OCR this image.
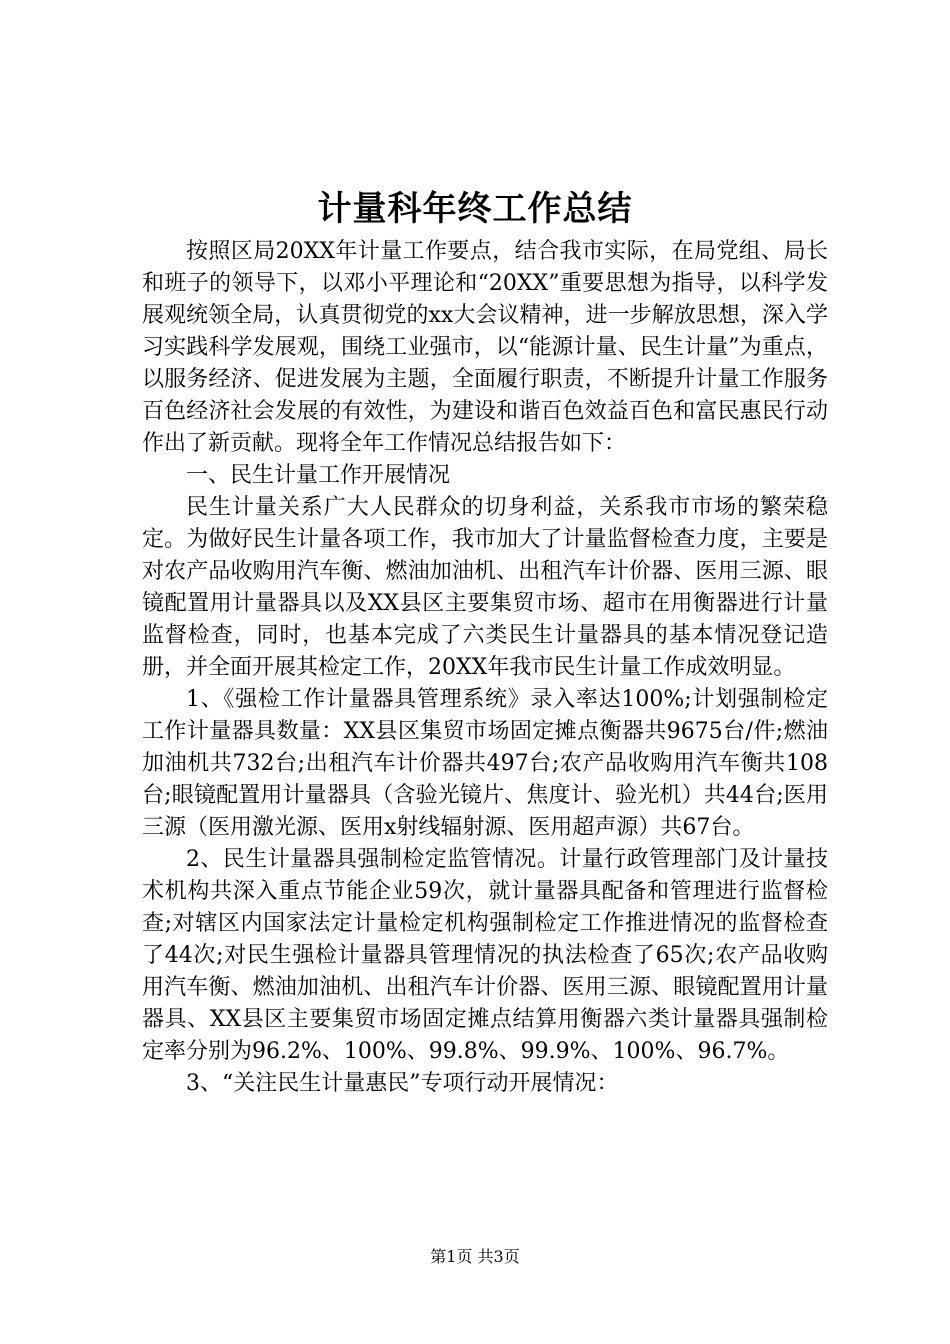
计量科年终工作总结

按照区局20XX年计量工作要点，结合我市实际，在局党组、局长和班子的领导下，以邓小平理论和“20XX”重要思想为指导，以科学发展观统领全局，认真贯彻党的xx大会议精神，进一步解放思想，深入学习实践科学发展观，围绕工业强市，以“能源计量、民生计量”为重点，以服务经济、促进发展为主题，全面履行职责，不断提升计量工作服务百色经济社会发展的有效性，为建设和谐百色效益百色和富民惠民行动作出了新贡献。现将全年工作情况总结报告如下：

一、民生计量工作开展情况

民生计量关系广大人民群众的切身利益，关系我市市场的繁荣稳定。为做好民生计量各项工作，我市加大了计量监督检查力度，主要是对农产品收购用汽车衡、燃油加油机、出租汽车计价器、医用三源、眼镜配置用计量器具以及XX县区主要集贸市场、超市在用衡器进行计量监督检查，同时，也基本完成了六类民生计量器具的基本情况登记造册，并全面开展其检定工作，20XX年我市民生计量工作成效明显。

1、《强检工作计量器具管理系统》录入率达100%;计划强制检定工作计量器具数量：XX县区集贸市场固定摊点衡器共9675台/件;燃油加油机共732台;出租汽车计价器共497台;农产品收购用汽车衡共108台;眼镜配置用计量器具（含验光镜片、焦度计、验光机）共44台;医用三源（医用激光源、医用x射线辐射源、医用超声源）共67台。

2、民生计量器具强制检定监管情况。计量行政管理部门及计量技术机构共深入重点节能企业59次，就计量器具配备和管理进行监督检查;对辖区内国家法定计量检定机构强制检定工作推进情况的监督检查了44次;对民生强检计量器具管理情况的执法检查了65次;农产品收购用汽车衡、燃油加油机、出租汽车计价器、医用三源、眼镜配置用计量器具、XX县区主要集贸市场固定摊点结算用衡器六类计量器具强制检定率分别为96.2%、100%、99.8%、99.9%、100%、96.7%。

3、“关注民生计量惠民”专项行动开展情况：

第1页 共3页
